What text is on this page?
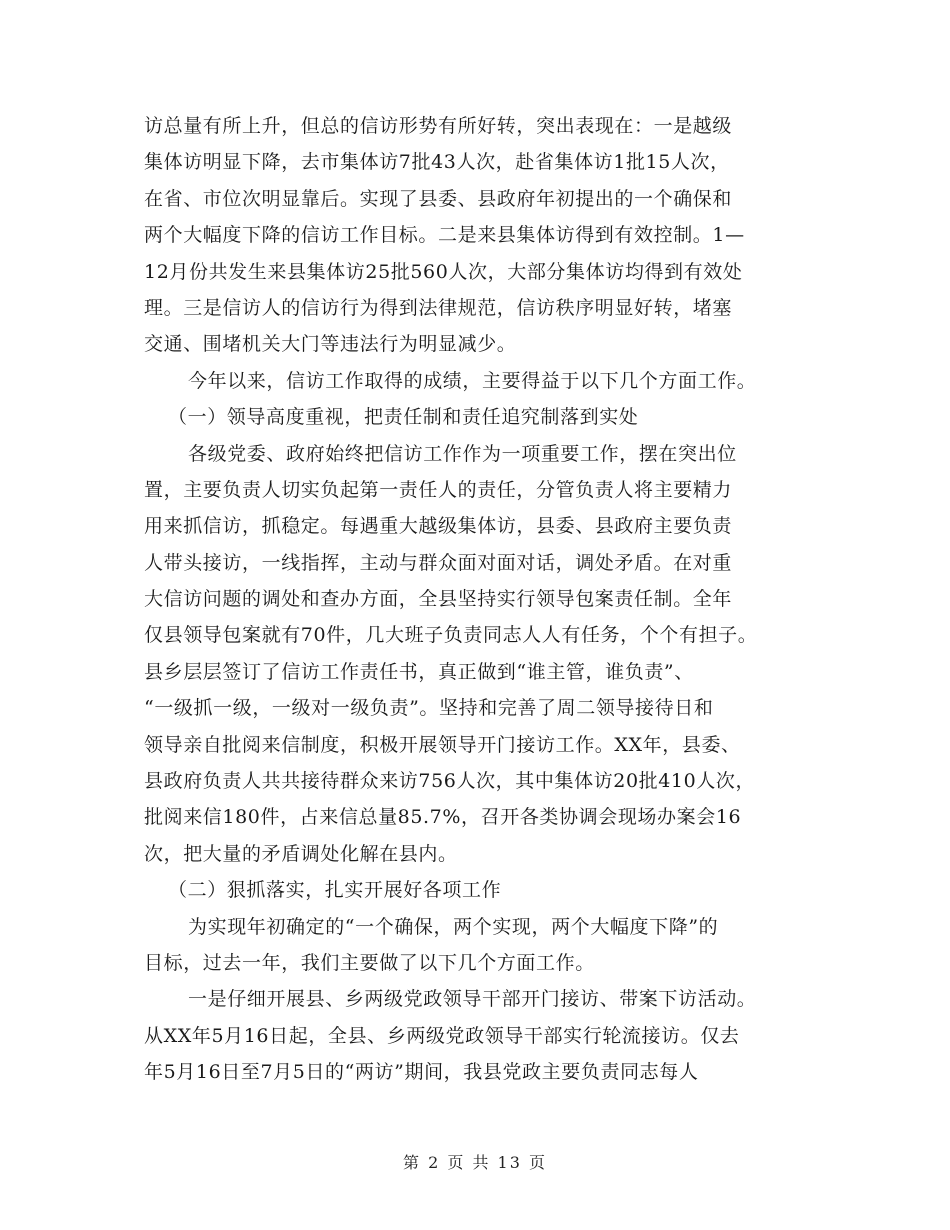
访总量有所上升，但总的信访形势有所好转，突出表现在：一是越级
集体访明显下降，去市集体访7批43人次，赴省集体访1批15人次，
在省、市位次明显靠后。实现了县委、县政府年初提出的一个确保和
两个大幅度下降的信访工作目标。二是来县集体访得到有效控制。1—
12月份共发生来县集体访25批560人次，大部分集体访均得到有效处
理。三是信访人的信访行为得到法律规范，信访秩序明显好转，堵塞
交通、围堵机关大门等违法行为明显减少。
今年以来，信访工作取得的成绩，主要得益于以下几个方面工作。
（一）领导高度重视，把责任制和责任追究制落到实处
各级党委、政府始终把信访工作作为一项重要工作，摆在突出位
置，主要负责人切实负起第一责任人的责任，分管负责人将主要精力
用来抓信访，抓稳定。每遇重大越级集体访，县委、县政府主要负责
人带头接访，一线指挥，主动与群众面对面对话，调处矛盾。在对重
大信访问题的调处和查办方面，全县坚持实行领导包案责任制。全年
仅县领导包案就有70件，几大班子负责同志人人有任务，个个有担子。
县乡层层签订了信访工作责任书，真正做到“谁主管，谁负责”、
“一级抓一级，一级对一级负责”。坚持和完善了周二领导接待日和
领导亲自批阅来信制度，积极开展领导开门接访工作。XX年，县委、
县政府负责人共共接待群众来访756人次，其中集体访20批410人次，
批阅来信180件，占来信总量85.7%，召开各类协调会现场办案会16
次，把大量的矛盾调处化解在县内。
（二）狠抓落实，扎实开展好各项工作
为实现年初确定的“一个确保，两个实现，两个大幅度下降”的
目标，过去一年，我们主要做了以下几个方面工作。
一是仔细开展县、乡两级党政领导干部开门接访、带案下访活动。
从XX年5月16日起，全县、乡两级党政领导干部实行轮流接访。仅去
年5月16日至7月5日的“两访”期间，我县党政主要负责同志每人
第 2 页 共 13 页
